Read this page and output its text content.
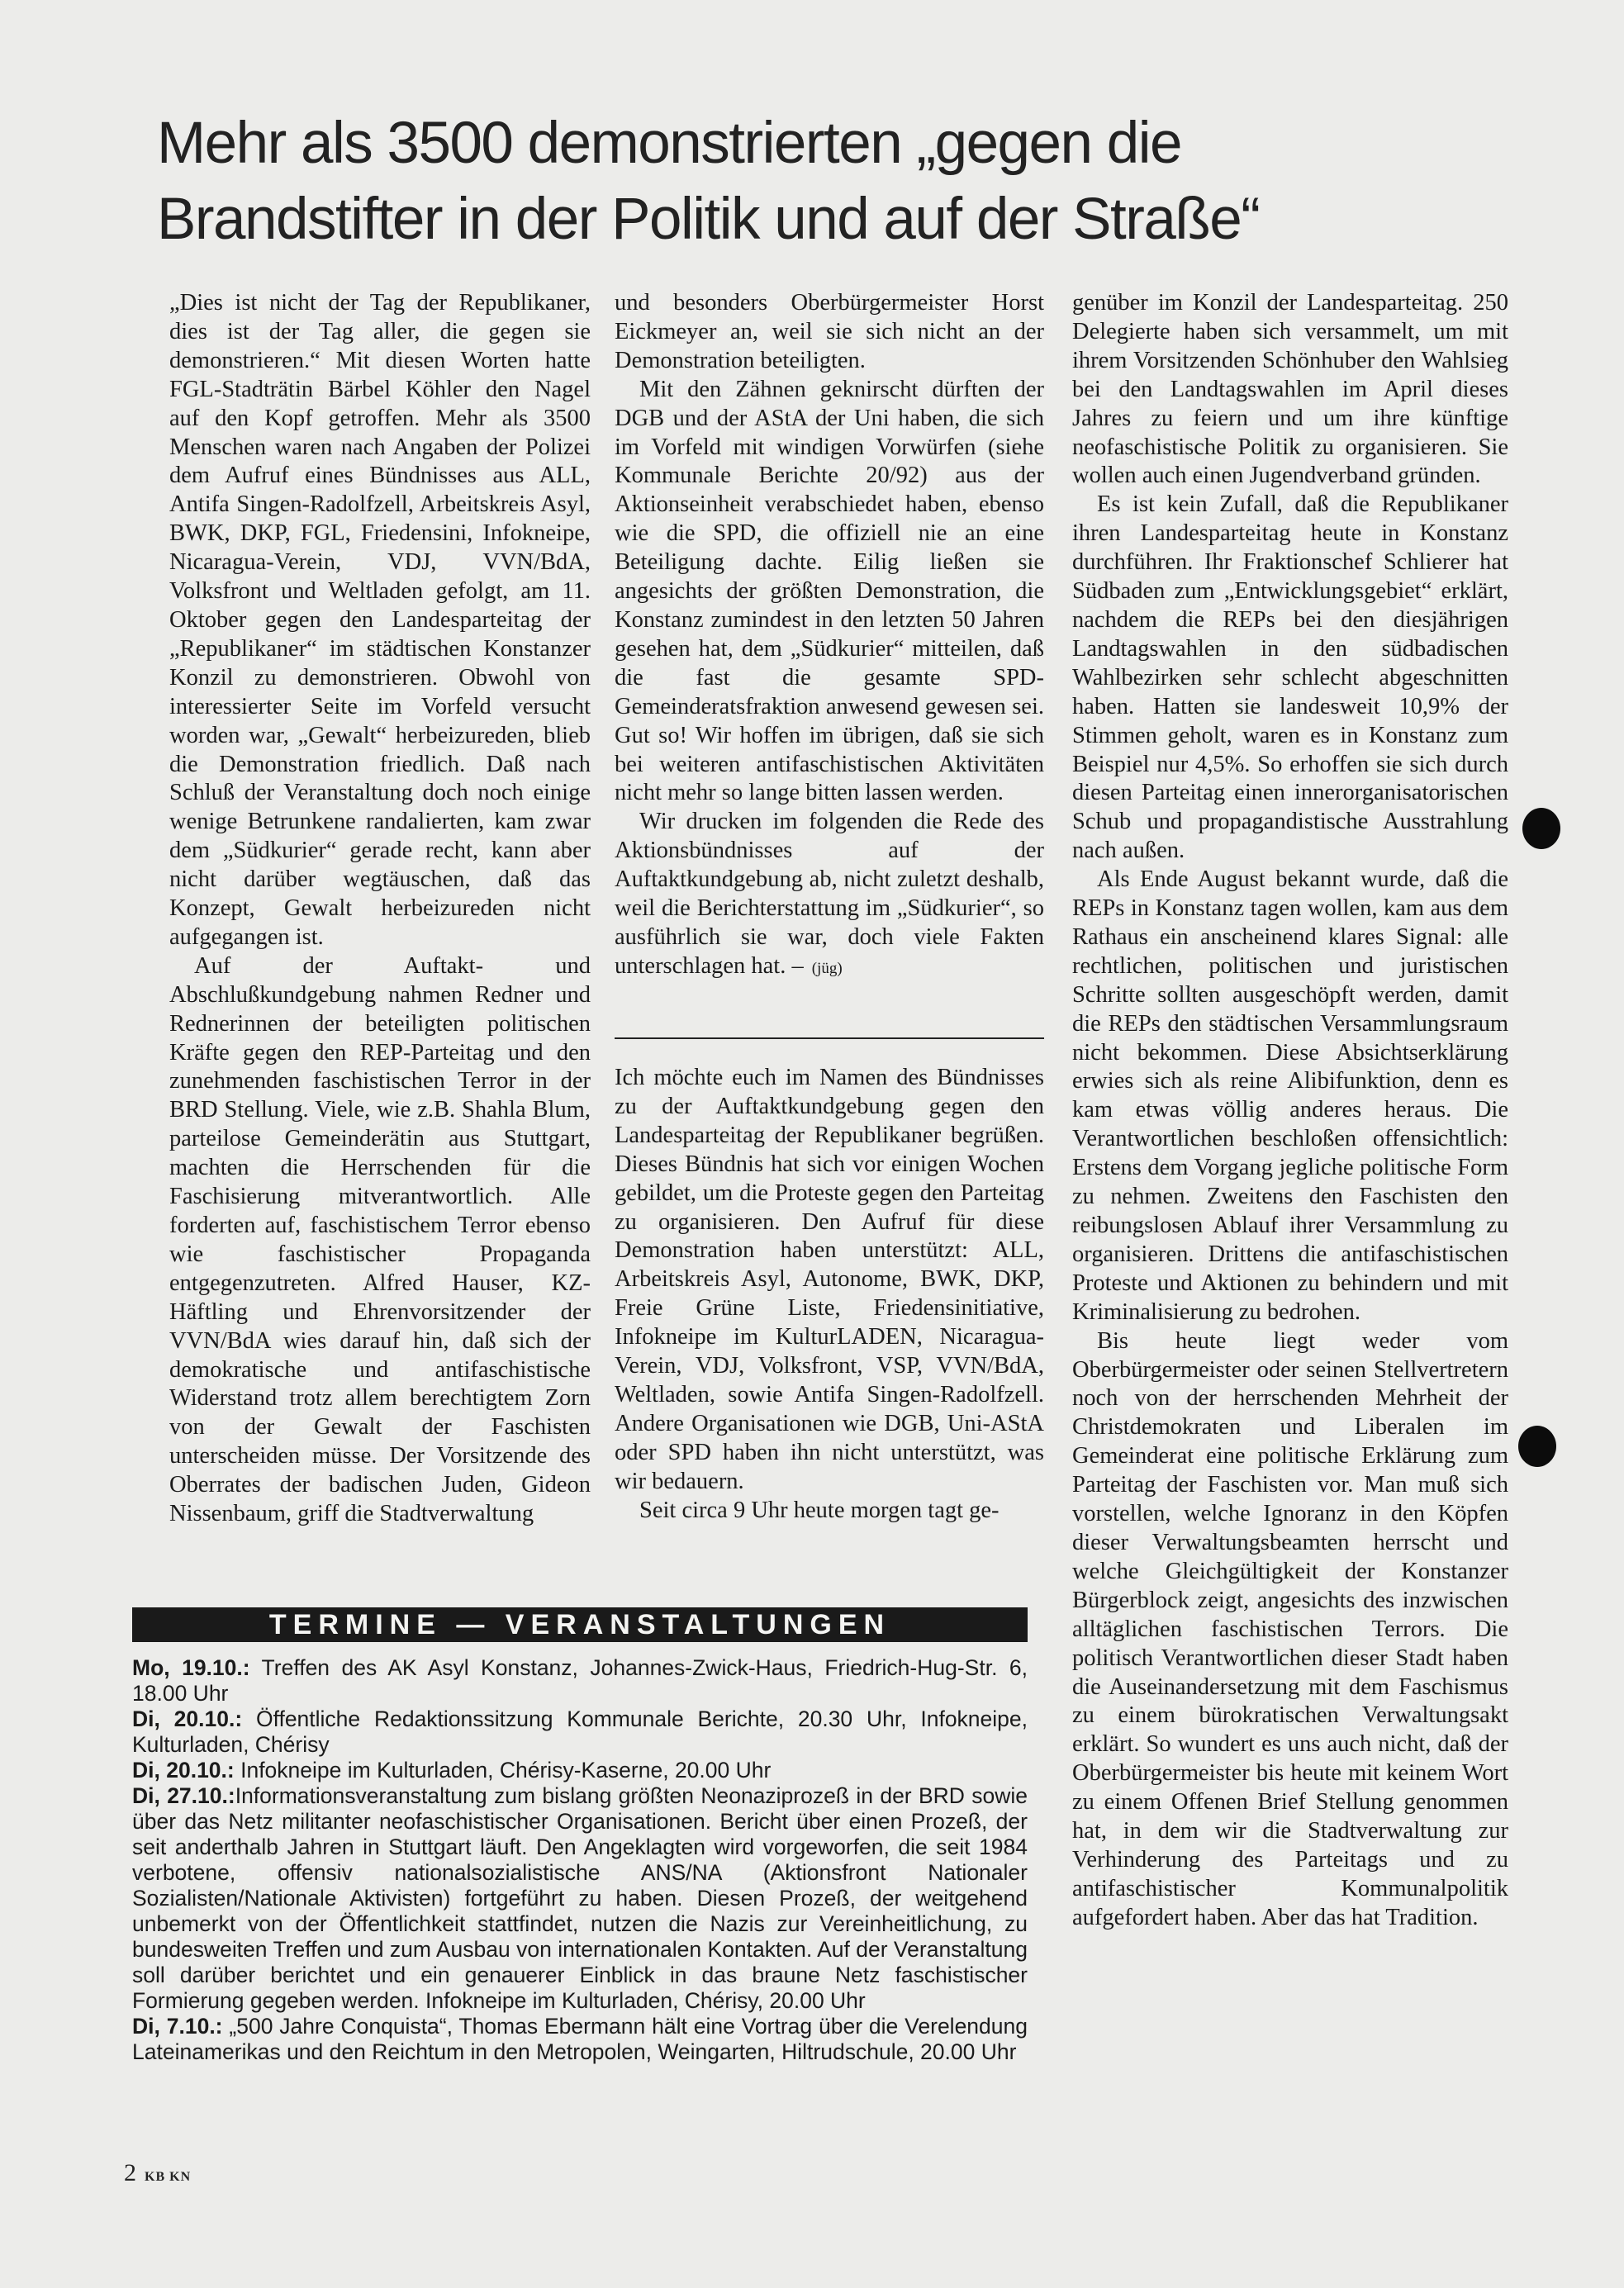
Mehr als 3500 demonstrierten „gegen die
Brandstifter in der Politik und auf der Straße“

„Dies ist nicht der Tag der Republikaner, dies ist der Tag aller, die gegen sie demonstrieren.“ Mit diesen Worten hatte FGL-Stadträtin Bärbel Köhler den Nagel auf den Kopf getroffen. Mehr als 3500 Menschen waren nach Angaben der Polizei dem Aufruf eines Bündnisses aus ALL, Antifa Singen-Radolfzell, Arbeitskreis Asyl, BWK, DKP, FGL, Friedensini, Infokneipe, Nicaragua-Verein, VDJ, VVN/BdA, Volksfront und Weltladen gefolgt, am 11. Oktober gegen den Landesparteitag der „Republikaner“ im städtischen Konstanzer Konzil zu demonstrieren. Obwohl von interessierter Seite im Vorfeld versucht worden war, „Gewalt“ herbeizureden, blieb die Demonstration friedlich. Daß nach Schluß der Veranstaltung doch noch einige wenige Betrunkene randalierten, kam zwar dem „Südkurier“ gerade recht, kann aber nicht darüber wegtäuschen, daß das Konzept, Gewalt herbeizureden nicht aufgegangen ist.

Auf der Auftakt- und Abschlußkundgebung nahmen Redner und Rednerinnen der beteiligten politischen Kräfte gegen den REP-Parteitag und den zunehmenden faschistischen Terror in der BRD Stellung. Viele, wie z.B. Shahla Blum, parteilose Gemeinderätin aus Stuttgart, machten die Herrschenden für die Faschisierung mitverantwortlich. Alle forderten auf, faschistischem Terror ebenso wie faschistischer Propaganda entgegenzutreten. Alfred Hauser, KZ-Häftling und Ehrenvorsitzender der VVN/BdA wies darauf hin, daß sich der demokratische und antifaschistische Widerstand trotz allem berechtigtem Zorn von der Gewalt der Faschisten unterscheiden müsse. Der Vorsitzende des Oberrates der badischen Juden, Gideon Nissenbaum, griff die Stadtverwaltung

und besonders Oberbürgermeister Horst Eickmeyer an, weil sie sich nicht an der Demonstration beteiligten.

Mit den Zähnen geknirscht dürften der DGB und der AStA der Uni haben, die sich im Vorfeld mit windigen Vorwürfen (siehe Kommunale Berichte 20/92) aus der Aktionseinheit verabschiedet haben, ebenso wie die SPD, die offiziell nie an eine Beteiligung dachte. Eilig ließen sie angesichts der größten Demonstration, die Konstanz zumindest in den letzten 50 Jahren gesehen hat, dem „Südkurier“ mitteilen, daß die fast die gesamte SPD-Gemeinderatsfraktion anwesend gewesen sei. Gut so! Wir hoffen im übrigen, daß sie sich bei weiteren antifaschistischen Aktivitäten nicht mehr so lange bitten lassen werden.

Wir drucken im folgenden die Rede des Aktionsbündnisses auf der Auftaktkundgebung ab, nicht zuletzt deshalb, weil die Berichterstattung im „Südkurier“, so ausführlich sie war, doch viele Fakten unterschlagen hat. – (jüg)

Ich möchte euch im Namen des Bündnisses zu der Auftaktkundgebung gegen den Landesparteitag der Republikaner begrüßen. Dieses Bündnis hat sich vor einigen Wochen gebildet, um die Proteste gegen den Parteitag zu organisieren. Den Aufruf für diese Demonstration haben unterstützt: ALL, Arbeitskreis Asyl, Autonome, BWK, DKP, Freie Grüne Liste, Friedensinitiative, Infokneipe im KulturLADEN, Nicaragua-Verein, VDJ, Volksfront, VSP, VVN/BdA, Weltladen, sowie Antifa Singen-Radolfzell. Andere Organisationen wie DGB, Uni-AStA oder SPD haben ihn nicht unterstützt, was wir bedauern.

Seit circa 9 Uhr heute morgen tagt ge-

genüber im Konzil der Landesparteitag. 250 Delegierte haben sich versammelt, um mit ihrem Vorsitzenden Schönhuber den Wahlsieg bei den Landtagswahlen im April dieses Jahres zu feiern und um ihre künftige neofaschistische Politik zu organisieren. Sie wollen auch einen Jugendverband gründen.

Es ist kein Zufall, daß die Republikaner ihren Landesparteitag heute in Konstanz durchführen. Ihr Fraktionschef Schlierer hat Südbaden zum „Entwicklungsgebiet“ erklärt, nachdem die REPs bei den diesjährigen Landtagswahlen in den südbadischen Wahlbezirken sehr schlecht abgeschnitten haben. Hatten sie landesweit 10,9% der Stimmen geholt, waren es in Konstanz zum Beispiel nur 4,5%. So erhoffen sie sich durch diesen Parteitag einen innerorganisatorischen Schub und propagandistische Ausstrahlung nach außen.

Als Ende August bekannt wurde, daß die REPs in Konstanz tagen wollen, kam aus dem Rathaus ein anscheinend klares Signal: alle rechtlichen, politischen und juristischen Schritte sollten ausgeschöpft werden, damit die REPs den städtischen Versammlungsraum nicht bekommen. Diese Absichtserklärung erwies sich als reine Alibifunktion, denn es kam etwas völlig anderes heraus. Die Verantwortlichen beschloßen offensichtlich: Erstens dem Vorgang jegliche politische Form zu nehmen. Zweitens den Faschisten den reibungslosen Ablauf ihrer Versammlung zu organisieren. Drittens die antifaschistischen Proteste und Aktionen zu behindern und mit Kriminalisierung zu bedrohen.

Bis heute liegt weder vom Oberbürgermeister oder seinen Stellvertretern noch von der herrschenden Mehrheit der Christdemokraten und Liberalen im Gemeinderat eine politische Erklärung zum Parteitag der Faschisten vor. Man muß sich vorstellen, welche Ignoranz in den Köpfen dieser Verwaltungsbeamten herrscht und welche Gleichgültigkeit der Konstanzer Bürgerblock zeigt, angesichts des inzwischen alltäglichen faschistischen Terrors. Die politisch Verantwortlichen dieser Stadt haben die Auseinandersetzung mit dem Faschismus zu einem bürokratischen Verwaltungsakt erklärt. So wundert es uns auch nicht, daß der Oberbürgermeister bis heute mit keinem Wort zu einem Offenen Brief Stellung genommen hat, in dem wir die Stadtverwaltung zur Verhinderung des Parteitags und zu antifaschistischer Kommunalpolitik aufgefordert haben. Aber das hat Tradition.

TERMINE — VERANSTALTUNGEN

Mo, 19.10.: Treffen des AK Asyl Konstanz, Johannes-Zwick-Haus, Friedrich-Hug-Str. 6, 18.00 Uhr

Di, 20.10.: Öffentliche Redaktionssitzung Kommunale Berichte, 20.30 Uhr, Infokneipe, Kulturladen, Chérisy

Di, 20.10.: Infokneipe im Kulturladen, Chérisy-Kaserne, 20.00 Uhr

Di, 27.10.:Informationsveranstaltung zum bislang größten Neonaziprozeß in der BRD sowie über das Netz militanter neofaschistischer Organisationen. Bericht über einen Prozeß, der seit anderthalb Jahren in Stuttgart läuft. Den Angeklagten wird vorgeworfen, die seit 1984 verbotene, offensiv nationalsozialistische ANS/NA (Aktionsfront Nationaler Sozialisten/Nationale Aktivisten) fortgeführt zu haben. Diesen Prozeß, der weitgehend unbemerkt von der Öffentlichkeit stattfindet, nutzen die Nazis zur Vereinheitlichung, zu bundesweiten Treffen und zum Ausbau von internationalen Kontakten. Auf der Veranstaltung soll darüber berichtet und ein genauerer Einblick in das braune Netz faschistischer Formierung gegeben werden. Infokneipe im Kulturladen, Chérisy, 20.00 Uhr

Di, 7.10.: „500 Jahre Conquista“, Thomas Ebermann hält eine Vortrag über die Verelendung Lateinamerikas und den Reichtum in den Metropolen, Weingarten, Hiltrudschule, 20.00 Uhr

2 KB KN
